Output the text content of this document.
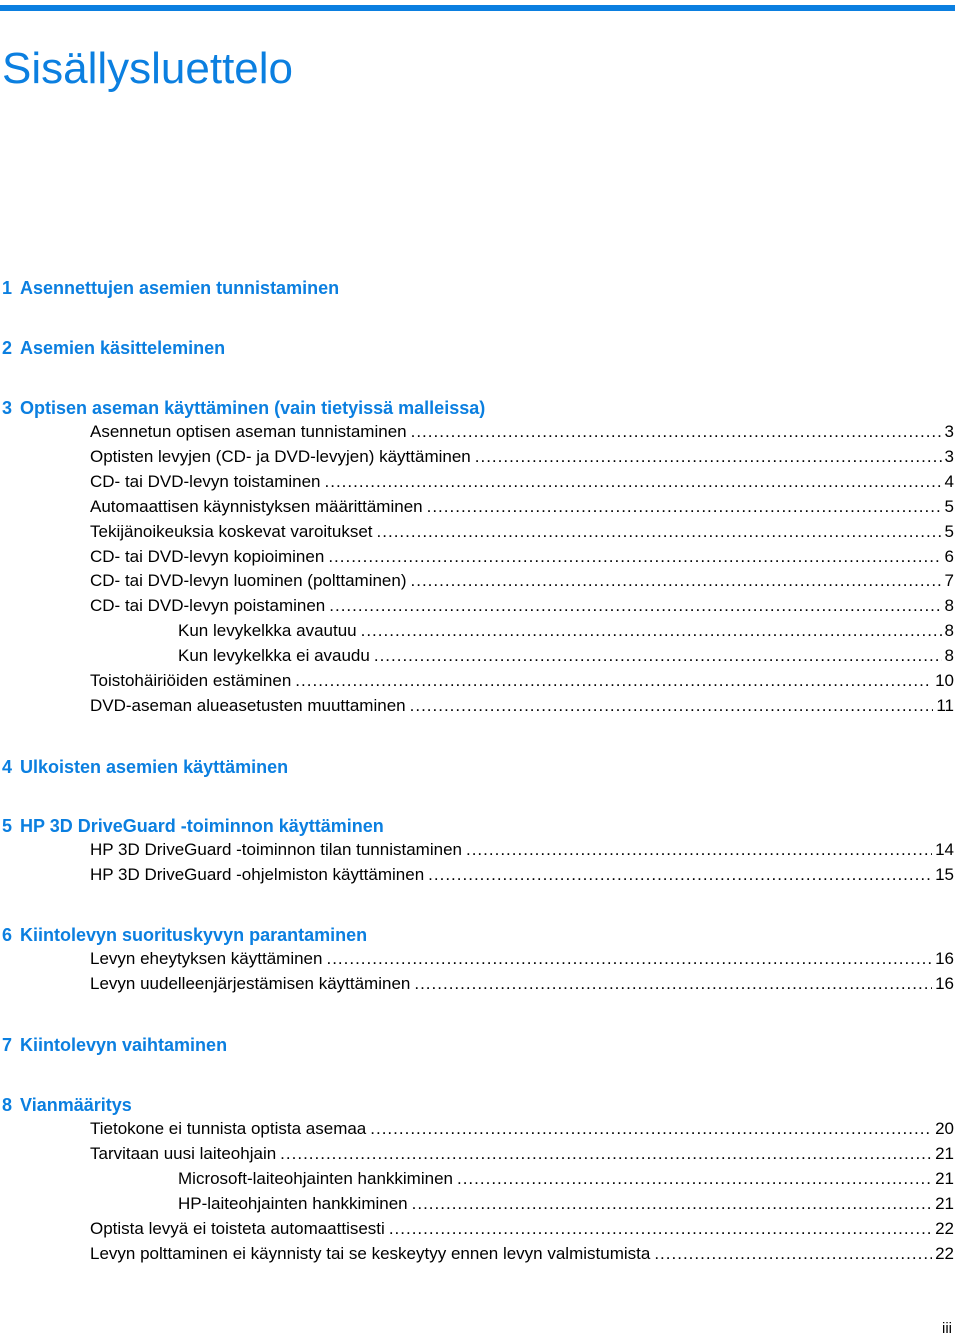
Sisällysluettelo
1 Asennettujen asemien tunnistaminen
2 Asemien käsitteleminen
3 Optisen aseman käyttäminen (vain tietyissä malleissa)
Asennetun optisen aseman tunnistaminen .....	3
Optisten levyjen (CD- ja DVD-levyjen) käyttäminen .....	3
CD- tai DVD-levyn toistaminen .....	4
Automaattisen käynnistyksen määrittäminen .....	5
Tekijänoikeuksia koskevat varoitukset .....	5
CD- tai DVD-levyn kopioiminen .....	6
CD- tai DVD-levyn luominen (polttaminen) .....	7
CD- tai DVD-levyn poistaminen .....	8
Kun levykelkka avautuu .....	8
Kun levykelkka ei avaudu .....	8
Toistohäiriöiden estäminen .....	10
DVD-aseman alueasetusten muuttaminen .....	11
4 Ulkoisten asemien käyttäminen
5 HP 3D DriveGuard -toiminnon käyttäminen
HP 3D DriveGuard -toiminnon tilan tunnistaminen .....	14
HP 3D DriveGuard -ohjelmiston käyttäminen .....	15
6 Kiintolevyn suorituskyvyn parantaminen
Levyn eheytyksen käyttäminen .....	16
Levyn uudelleenjärjestämisen käyttäminen .....	16
7 Kiintolevyn vaihtaminen
8 Vianmääritys
Tietokone ei tunnista optista asemaa .....	20
Tarvitaan uusi laiteohjain .....	21
Microsoft-laiteohjainten hankkiminen .....	21
HP-laiteohjainten hankkiminen .....	21
Optista levyä ei toisteta automaattisesti .....	22
Levyn polttaminen ei käynnisty tai se keskeytyy ennen levyn valmistumista .....	22
iii
